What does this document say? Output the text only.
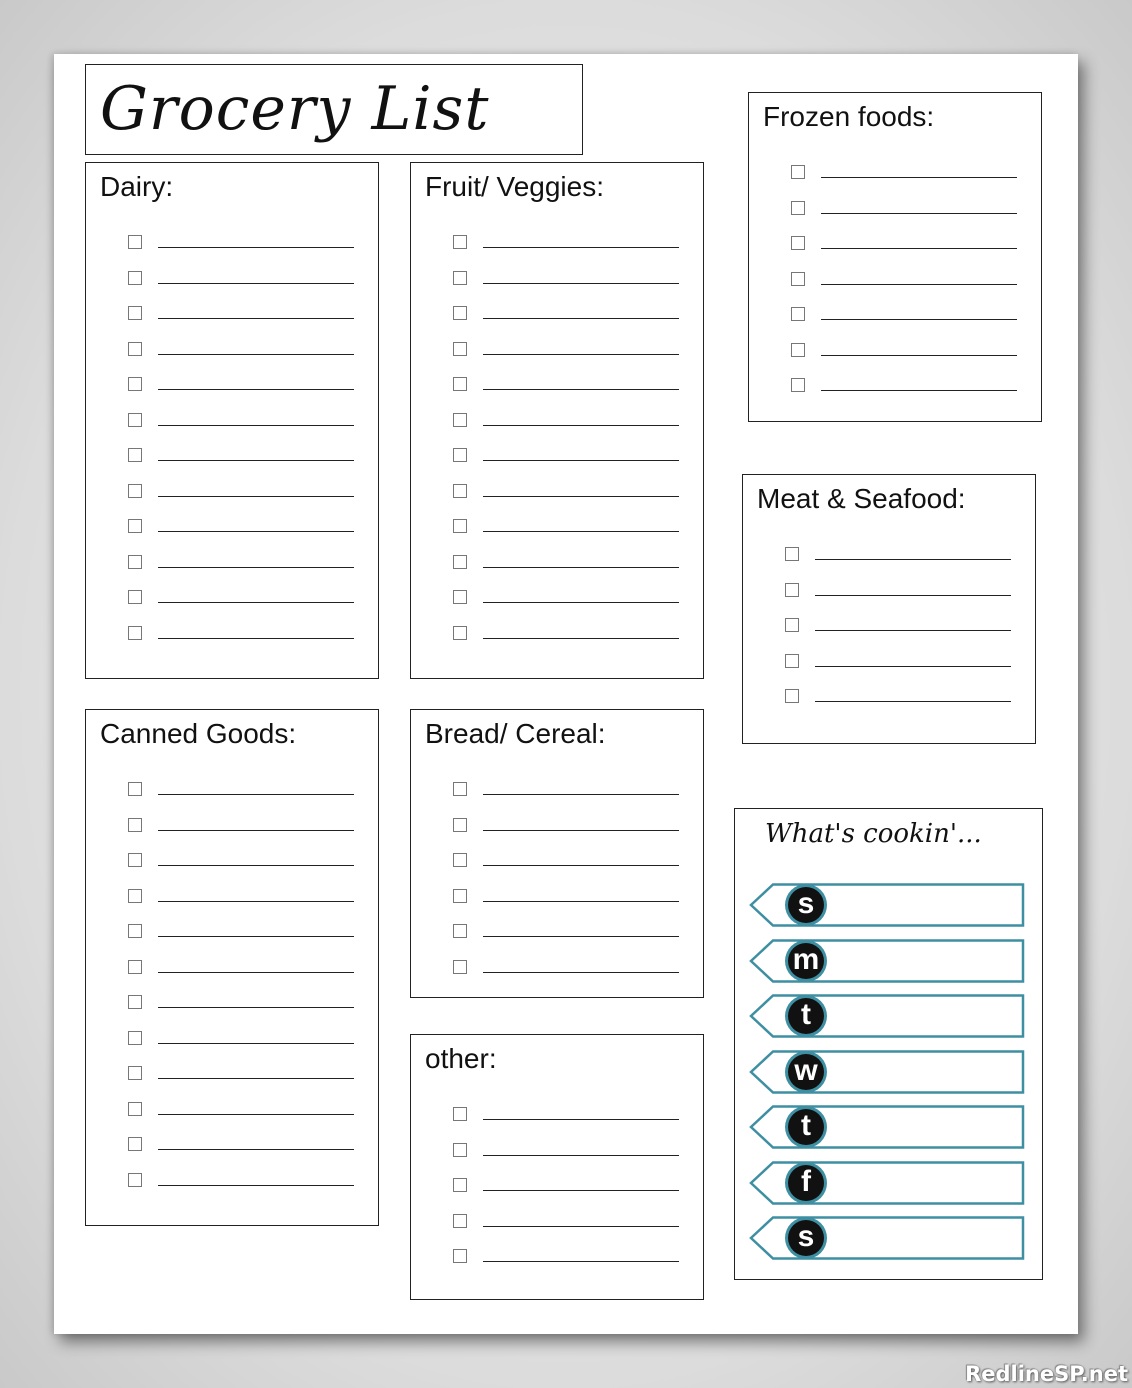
Grocery List
Dairy:	Fruit/ Veggies:
Frozen foods:
Meat & Seafood:
Canned Goods:	Bread/ Cereal:
other:
What's cookin'...
s
m
t
w
t
f
s
RedlineSP.net
